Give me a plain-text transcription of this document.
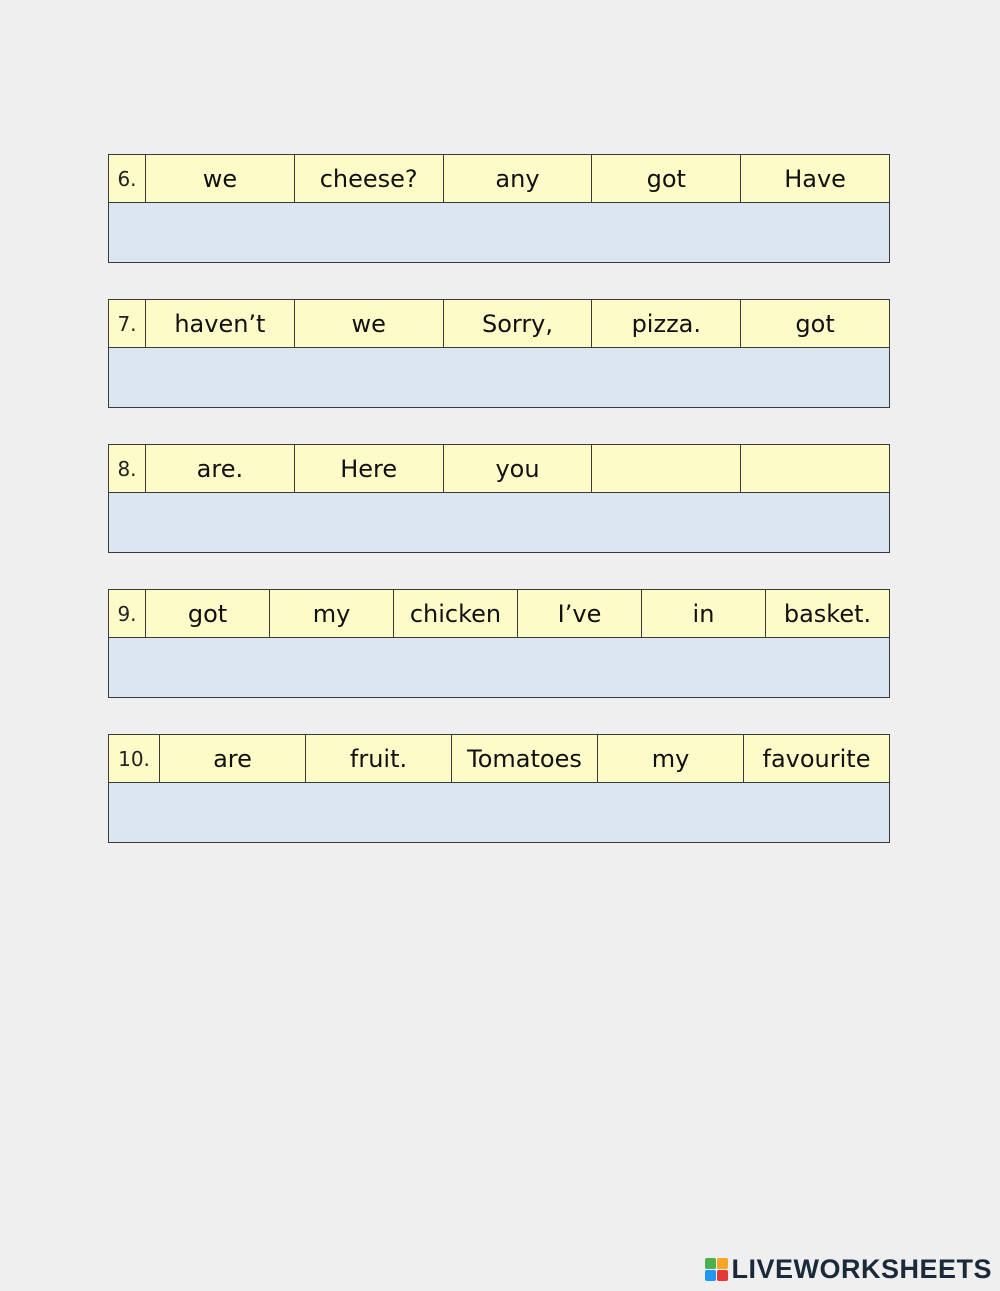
6.	we	cheese?	any	got	Have
7.	haven’t	we	Sorry,	pizza.	got
8.	are.	Here	you
9.	got	my	chicken	I’ve	in	basket.
10.	are	fruit.	Tomatoes	my	favourite
LIVEWORKSHEETS
